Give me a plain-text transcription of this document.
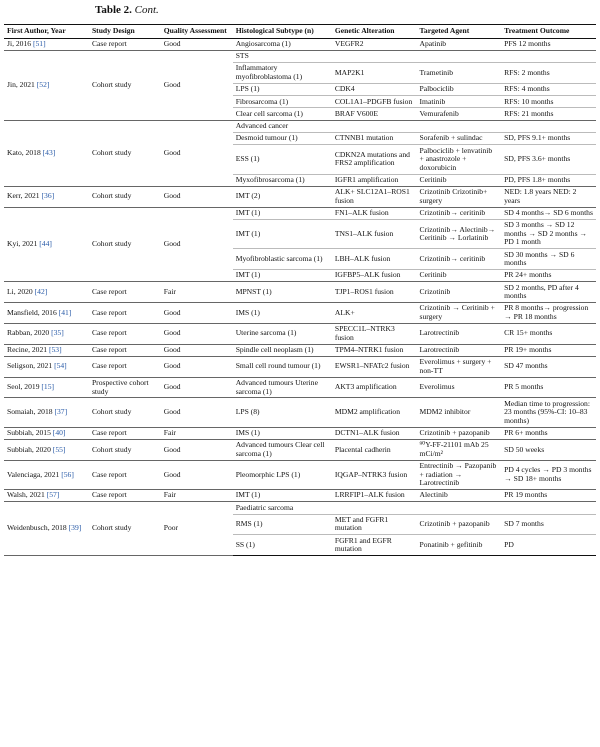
Table 2. Cont.
First Author, Year	Study Design	Quality Assessment	Histological Subtype (n)	Genetic Alteration	Targeted Agent	Treatment Outcome
Ji, 2016 [51]	Case report	Good	Angiosarcoma (1)	VEGFR2	Apatinib	PFS 12 months
Jin, 2021 [52]	Cohort study	Good	STS			
			Inflammatory myofibroblastoma (1)	MAP2K1	Trametinib	RFS: 2 months
			LPS (1)	CDK4	Palbociclib	RFS: 4 months
			Fibrosarcoma (1)	COL1A1–PDGFB fusion	Imatinib	RFS: 10 months
			Clear cell sarcoma (1)	BRAF V600E	Vemurafenib	RFS: 21 months
Kato, 2018 [43]	Cohort study	Good	Advanced cancer			
			Desmoid tumour (1)	CTNNB1 mutation	Sorafenib + sulindac	SD, PFS 9.1+ months
			ESS (1)	CDKN2A mutations and FRS2 amplification	Palbociclib + lenvatinib + anastrozole + doxorubicin	SD, PFS 3.6+ months
			Myxofibrosarcoma (1)	IGFR1 amplification	Ceritinib	PD, PFS 1.8+ months
Kerr, 2021 [36]	Cohort study	Good	IMT (2)	ALK+ SLC12A1–ROS1 fusion	Crizotinib Crizotinib+ surgery	NED: 1.8 years NED: 2 years
Kyi, 2021 [44]	Cohort study	Good	IMT (1)	FN1–ALK fusion	Crizotinib→ ceritinib	SD 4 months→ SD 6 months
			IMT (1)	TNS1–ALK fusion	Crizotinib→ Alectinib→ Ceritinib → Lorlatinib	SD 3 months → SD 12 months → SD 2 months → PD 1 month
			Myofibroblastic sarcoma (1)	LBH–ALK fusion	Crizotinib→ ceritinib	SD 30 months → SD 6 months
			IMT (1)	IGFBP5–ALK fusion	Ceritinib	PR 24+ months
Li, 2020 [42]	Case report	Fair	MPNST (1)	TJP1–ROS1 fusion	Crizotinib	SD 2 months, PD after 4 months
Mansfield, 2016 [41]	Case report	Good	IMS (1)	ALK+	Crizotinib → Ceritinib + surgery	PR 8 months→ progression → PR 18 months
Rabban, 2020 [35]	Case report	Good	Uterine sarcoma (1)	SPECC1L–NTRK3 fusion	Larotrectinib	CR 15+ months
Recine, 2021 [53]	Case report	Good	Spindle cell neoplasm (1)	TPM4–NTRK1 fusion	Larotrectinib	PR 19+ months
Seligson, 2021 [54]	Case report	Good	Small cell round tumour (1)	EWSR1–NFATc2 fusion	Everolimus + surgery + non-TT	SD 47 months
Seol, 2019 [15]	Prospective cohort study	Good	Advanced tumours Uterine sarcoma (1)	AKT3 amplification	Everolimus	PR 5 months
Somaiah, 2018 [37]	Cohort study	Good	LPS (8)	MDM2 amplification	MDM2 inhibitor	Median time to progression: 23 months (95%-CI: 10–83 months)
Subbiah, 2015 [40]	Case report	Fair	IMS (1)	DCTN1–ALK fusion	Crizotinib + pazopanib	PR 6+ months
Subbiah, 2020 [55]	Cohort study	Good	Advanced tumours Clear cell sarcoma (1)	Placental cadherin	⁹⁰Y-FF-21101 mAb 25 mCi/m²	SD 50 weeks
Valenciaga, 2021 [56]	Case report	Good	Pleomorphic LPS (1)	IQGAP–NTRK3 fusion	Entrectinib → Pazopanib + radiation → Larotrectinib	PD 4 cycles → PD 3 months → SD 18+ months
Walsh, 2021 [57]	Case report	Fair	IMT (1)	LRRFIP1–ALK fusion	Alectinib	PR 19 months
Weidenbusch, 2018 [39]	Cohort study	Poor	Paediatric sarcoma			
			RMS (1)	MET and FGFR1 mutation	Crizotinib + pazopanib	SD 7 months
			SS (1)	FGFR1 and EGFR mutation	Ponatinib + gefitinib	PD
